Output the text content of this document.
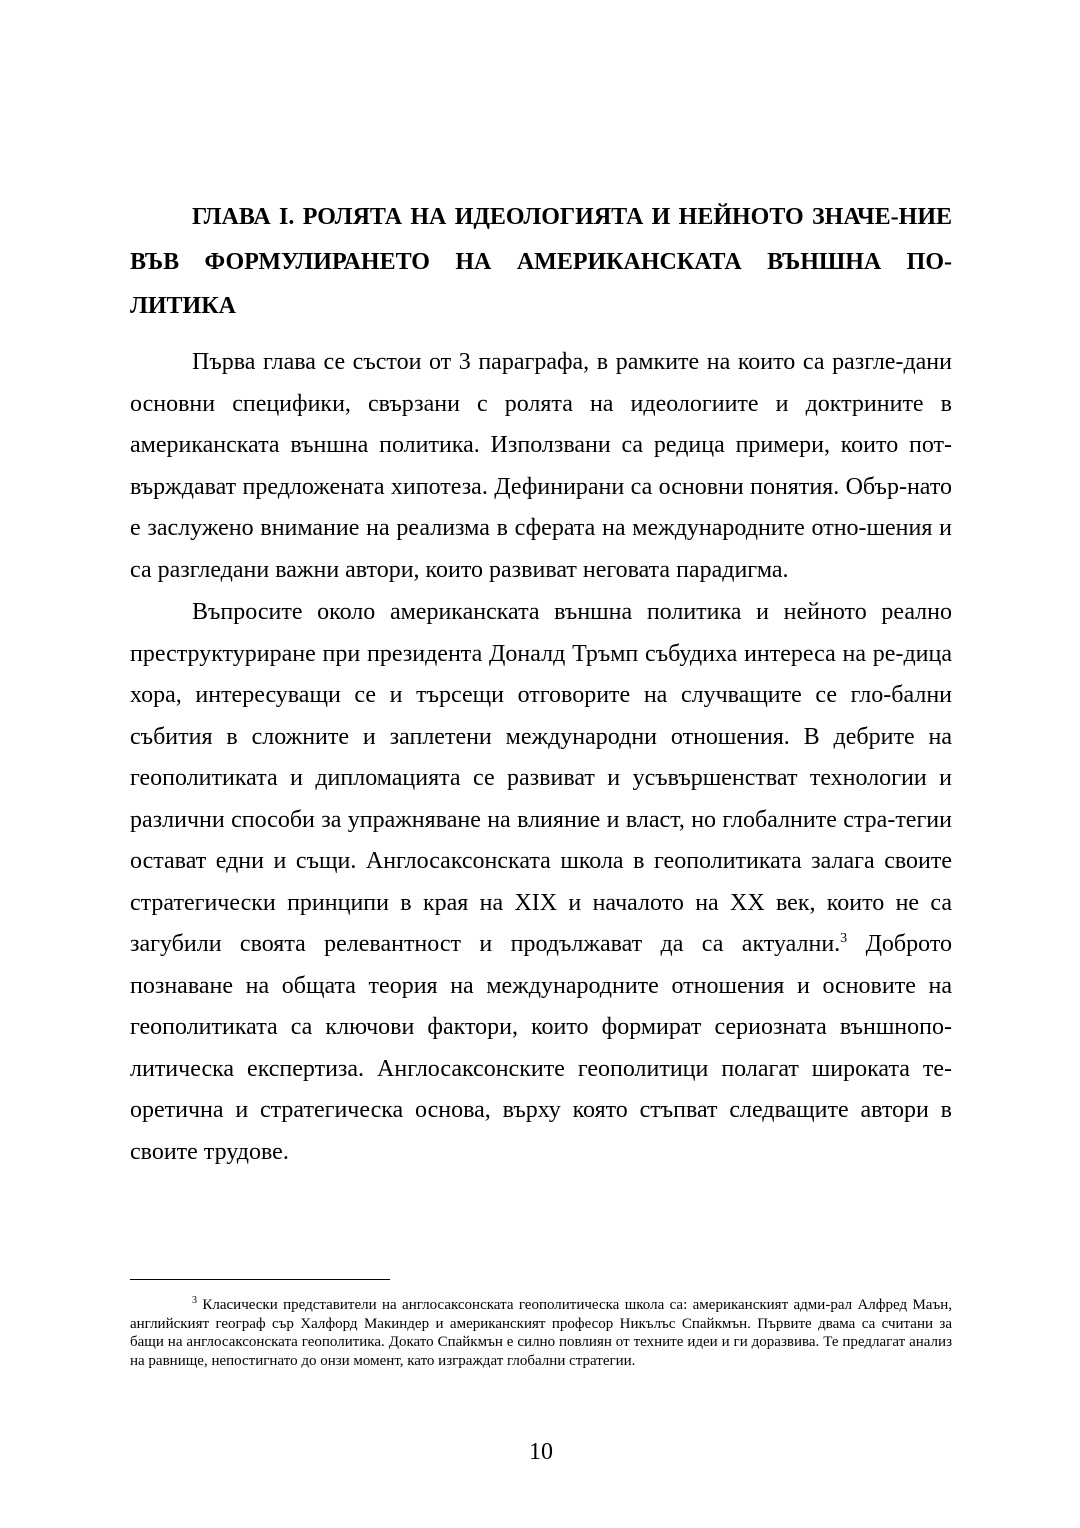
ГЛАВА I. РОЛЯТА НА ИДЕОЛОГИЯТА И НЕЙНОТО ЗНАЧЕ-НИЕ ВЪВ ФОРМУЛИРАНЕТО НА АМЕРИКАНСКАТА ВЪНШНА ПО-ЛИТИКА

Първа глава се състои от 3 параграфа, в рамките на които са разгле-дани основни специфики, свързани с ролята на идеологиите и доктрините в американската външна политика. Използвани са редица примери, които пот-върждават предложената хипотеза. Дефинирани са основни понятия. Обър-нато е заслужено внимание на реализма в сферата на международните отно-шения и са разгледани важни автори, които развиват неговата парадигма.

Въпросите около американската външна политика и нейното реално преструктуриране при президента Доналд Тръмп събудиха интереса на ре-дица хора, интересуващи се и търсещи отговорите на случващите се гло-бални събития в сложните и заплетени международни отношения. В дебрите на геополитиката и дипломацията се развиват и усъвършенстват технологии и различни способи за упражняване на влияние и власт, но глобалните стра-тегии остават едни и същи. Англосаксонската школа в геополитиката залага своите стратегически принципи в края на XIX и началото на XX век, които не са загубили своята релевантност и продължават да са актуални.$^3$ Доброто познаване на общата теория на международните отношения и основите на геополитиката са ключови фактори, които формират сериозната външнопо-литическа експертиза. Англосаксонските геополитици полагат широката те-оретична и стратегическа основа, върху която стъпват следващите автори в своите трудове.

$^3$ Класически представители на англосаксонската геополитическа школа са: американският адми-рал Алфред Маън, английският географ сър Халфорд Макиндер и американският професор Никълъс Спайкмън. Първите двама са считани за бащи на англосаксонската геополитика. Докато Спайкмън е силно повлиян от техните идеи и ги доразвива. Те предлагат анализ на равнище, непостигнато до онзи момент, като изграждат глобални стратегии.

10
